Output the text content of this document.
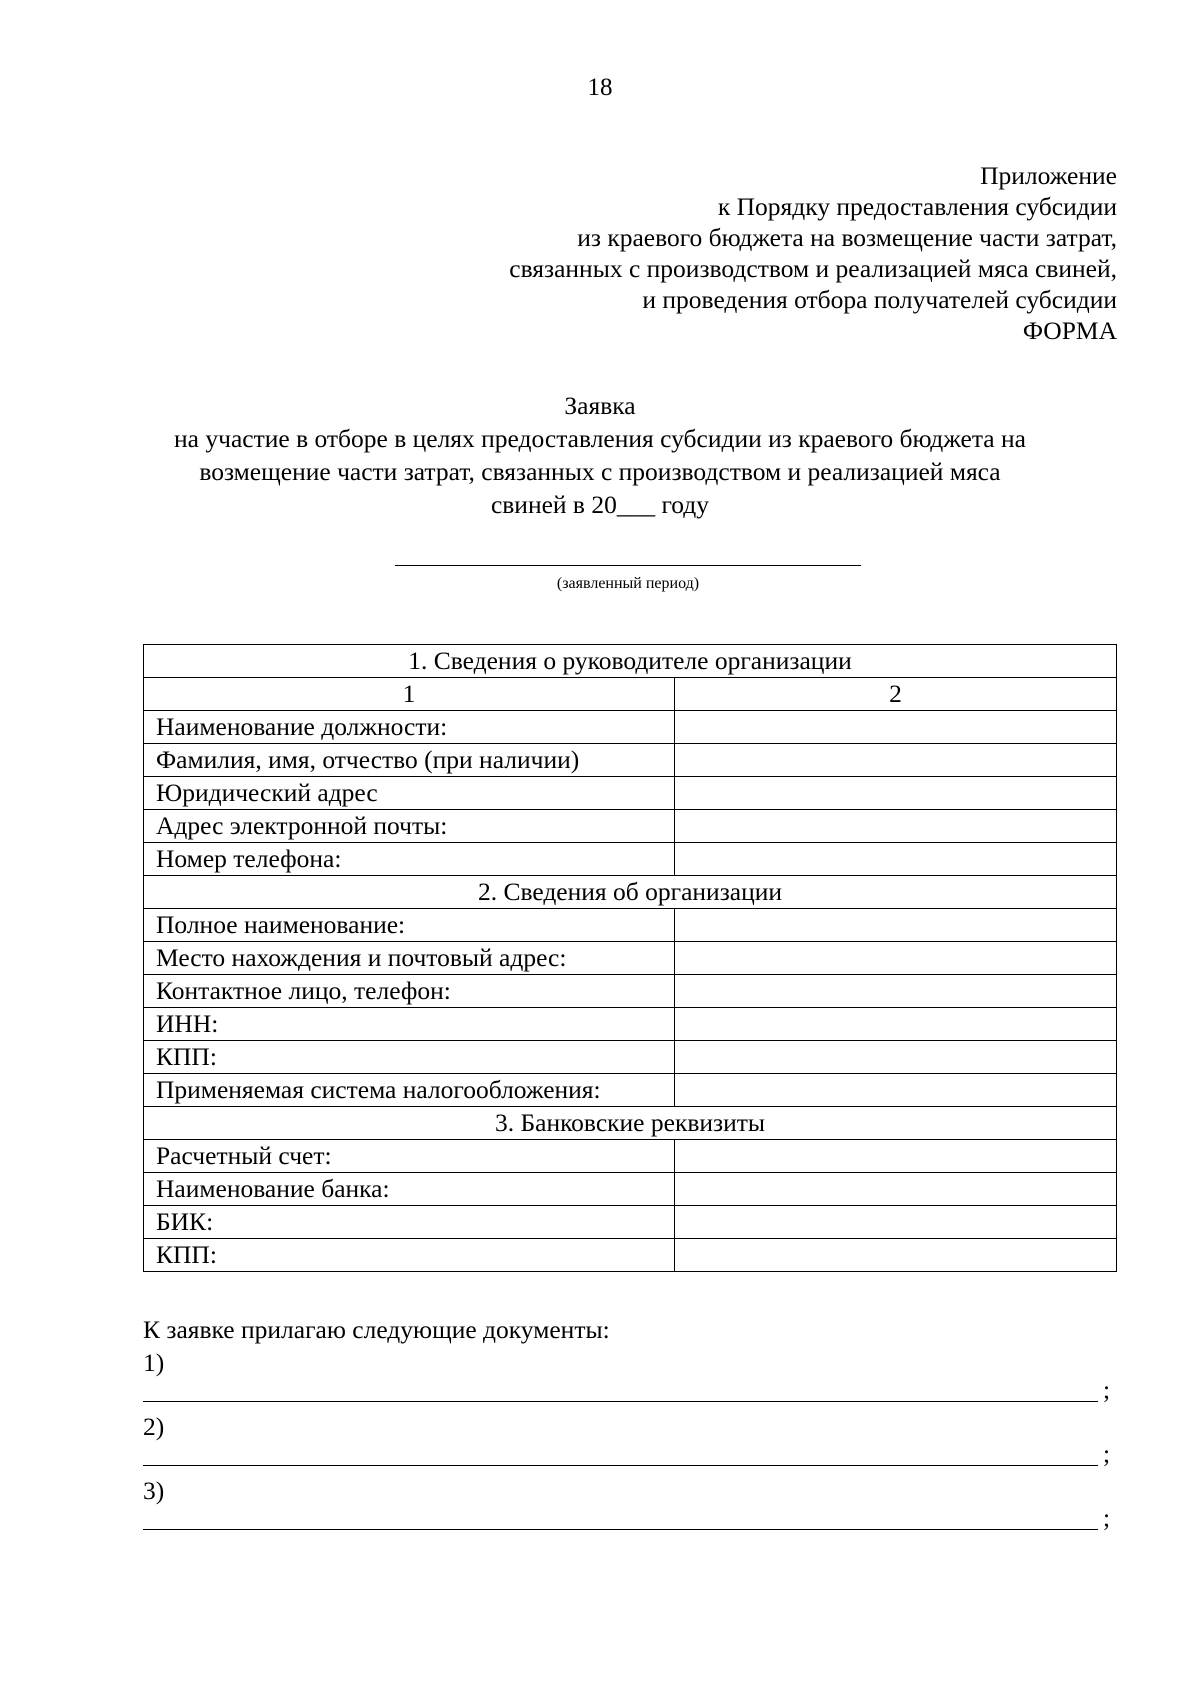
18
Приложение
к Порядку предоставления субсидии
из краевого бюджета на возмещение части затрат,
связанных с производством и реализацией мяса свиней,
и проведения отбора получателей субсидии
ФОРМА
Заявка
на участие в отборе в целях предоставления субсидии из краевого бюджета на
возмещение части затрат, связанных с производством и реализацией мяса
свиней в 20___ году
(заявленный период)
1. Сведения о руководителе организации	
1	2
Наименование должности:	
Фамилия, имя, отчество (при наличии)	
Юридический адрес	
Адрес электронной почты:	
Номер телефона:	
2. Сведения об организации	
Полное наименование:	
Место нахождения и почтовый адрес:	
Контактное лицо, телефон:	
ИНН:	
КПП:	
Применяемая система налогообложения:	
3. Банковские реквизиты	
Расчетный счет:	
Наименование банка:	
БИК:	
КПП:	
К заявке прилагаю следующие документы:
1)
;
2)
;
3)
;
